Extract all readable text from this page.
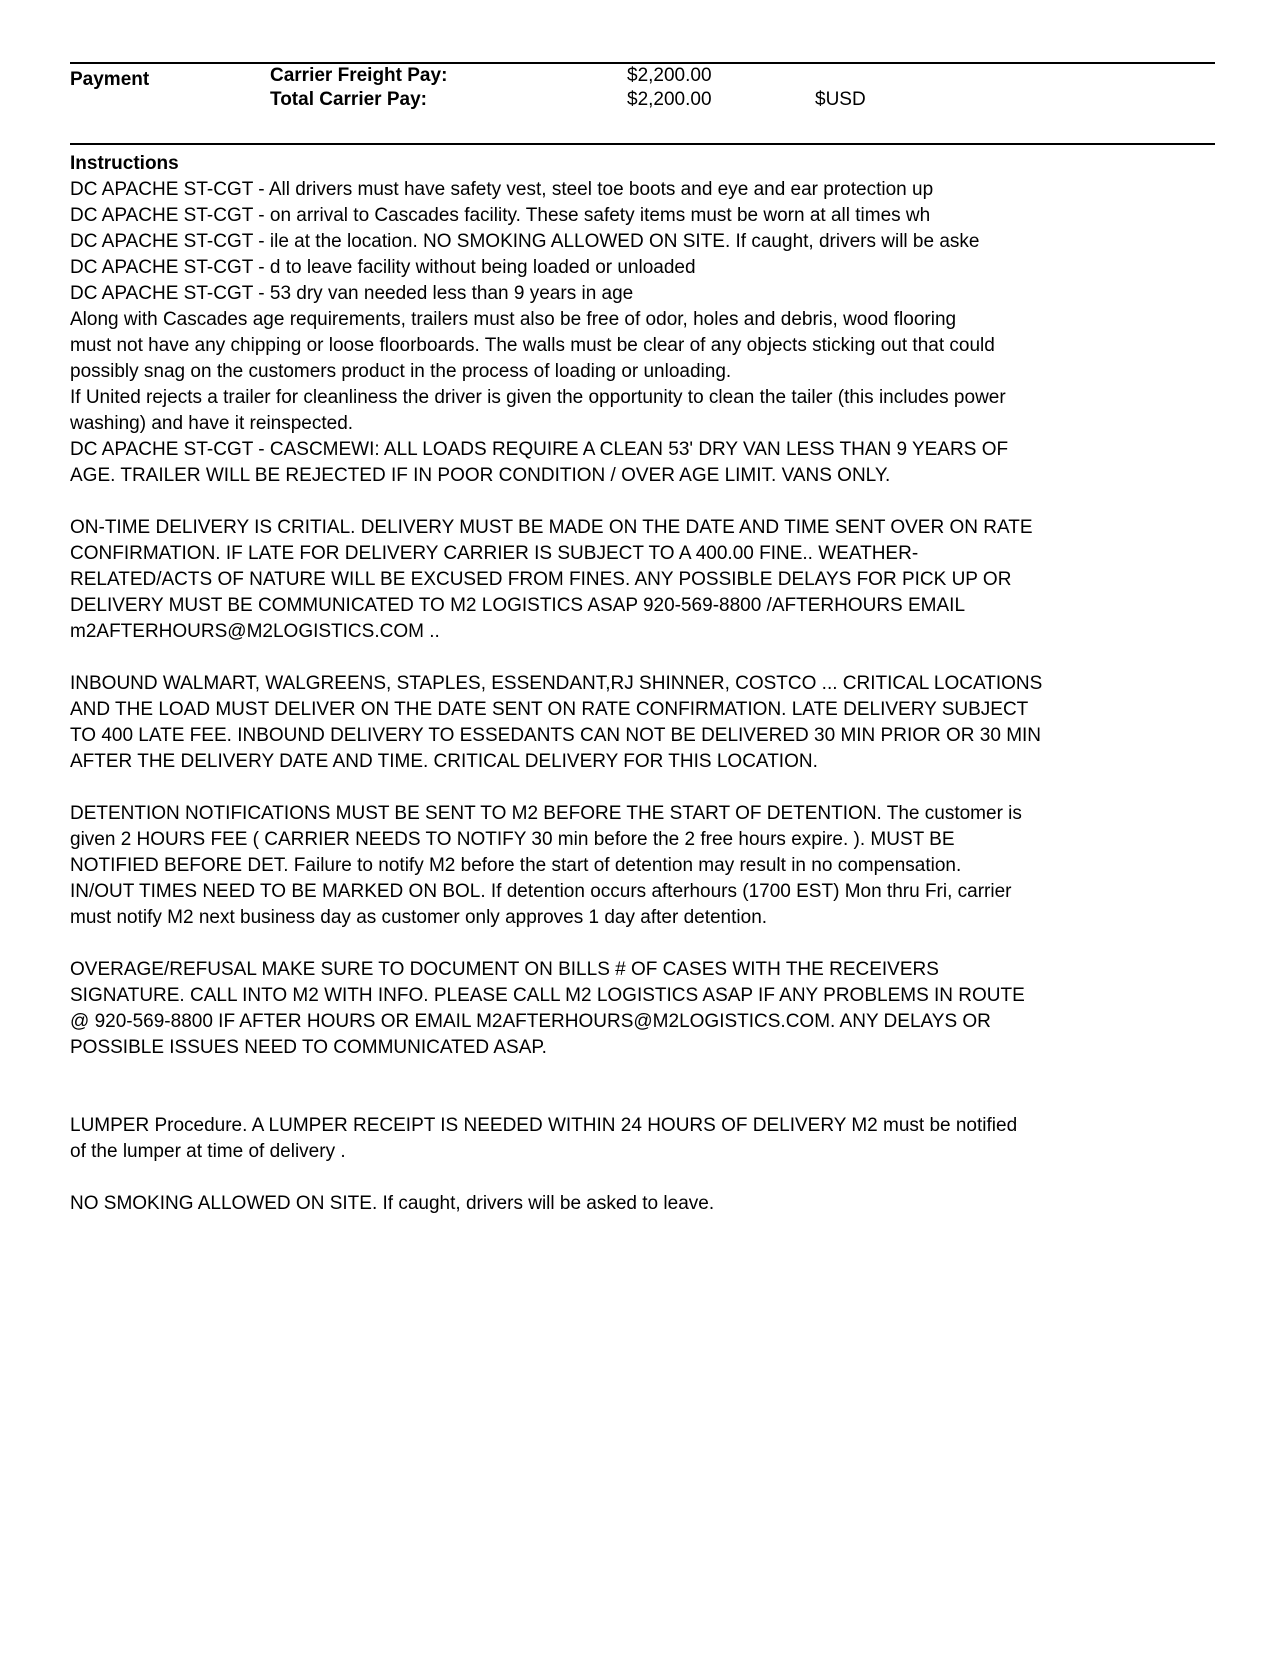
Payment	Carrier Freight Pay:	$2,200.00
Total Carrier Pay:	$2,200.00	$USD
Instructions
DC APACHE ST-CGT - All drivers must have safety vest, steel toe boots and eye and ear protection up
DC APACHE ST-CGT - on arrival to Cascades facility. These safety items must be worn at all times wh
DC APACHE ST-CGT - ile at the location. NO SMOKING ALLOWED ON SITE. If caught, drivers will be aske
DC APACHE ST-CGT - d to leave facility without being loaded or unloaded
DC APACHE ST-CGT - 53 dry van needed less than 9 years in age
Along with Cascades age requirements, trailers must also be free of odor, holes and debris, wood flooring
must not have any chipping or loose floorboards. The walls must be clear of any objects sticking out that could
possibly snag on the customers product in the process of loading or unloading.
If United rejects a trailer for cleanliness the driver is given the opportunity to clean the tailer (this includes power
washing) and have it reinspected.
DC APACHE ST-CGT - CASCMEWI: ALL LOADS REQUIRE A CLEAN 53' DRY VAN LESS THAN 9 YEARS OF
AGE. TRAILER WILL BE REJECTED IF IN POOR CONDITION / OVER AGE LIMIT. VANS ONLY.
ON-TIME DELIVERY IS CRITIAL. DELIVERY MUST BE MADE ON THE DATE AND TIME SENT OVER ON RATE
CONFIRMATION. IF LATE FOR DELIVERY CARRIER IS SUBJECT TO A 400.00 FINE.. WEATHER-
RELATED/ACTS OF NATURE WILL BE EXCUSED FROM FINES. ANY POSSIBLE DELAYS FOR PICK UP OR
DELIVERY MUST BE COMMUNICATED TO M2 LOGISTICS ASAP 920-569-8800 /AFTERHOURS EMAIL
m2AFTERHOURS@M2LOGISTICS.COM ..
INBOUND WALMART, WALGREENS, STAPLES, ESSENDANT,RJ SHINNER, COSTCO ... CRITICAL LOCATIONS
AND THE LOAD MUST DELIVER ON THE DATE SENT ON RATE CONFIRMATION. LATE DELIVERY SUBJECT
TO 400 LATE FEE. INBOUND DELIVERY TO ESSEDANTS CAN NOT BE DELIVERED 30 MIN PRIOR OR 30 MIN
AFTER THE DELIVERY DATE AND TIME. CRITICAL DELIVERY FOR THIS LOCATION.
DETENTION NOTIFICATIONS MUST BE SENT TO M2 BEFORE THE START OF DETENTION. The customer is
given 2 HOURS FEE ( CARRIER NEEDS TO NOTIFY 30 min before the 2 free hours expire. ). MUST BE
NOTIFIED BEFORE DET. Failure to notify M2 before the start of detention may result in no compensation.
IN/OUT TIMES NEED TO BE MARKED ON BOL. If detention occurs afterhours (1700 EST) Mon thru Fri, carrier
must notify M2 next business day as customer only approves 1 day after detention.
OVERAGE/REFUSAL MAKE SURE TO DOCUMENT ON BILLS # OF CASES WITH THE RECEIVERS
SIGNATURE. CALL INTO M2 WITH INFO. PLEASE CALL M2 LOGISTICS ASAP IF ANY PROBLEMS IN ROUTE
@ 920-569-8800 IF AFTER HOURS OR EMAIL M2AFTERHOURS@M2LOGISTICS.COM. ANY DELAYS OR
POSSIBLE ISSUES NEED TO COMMUNICATED ASAP.
LUMPER Procedure. A LUMPER RECEIPT IS NEEDED WITHIN 24 HOURS OF DELIVERY M2 must be notified
of the lumper at time of delivery .
NO SMOKING ALLOWED ON SITE. If caught, drivers will be asked to leave.
